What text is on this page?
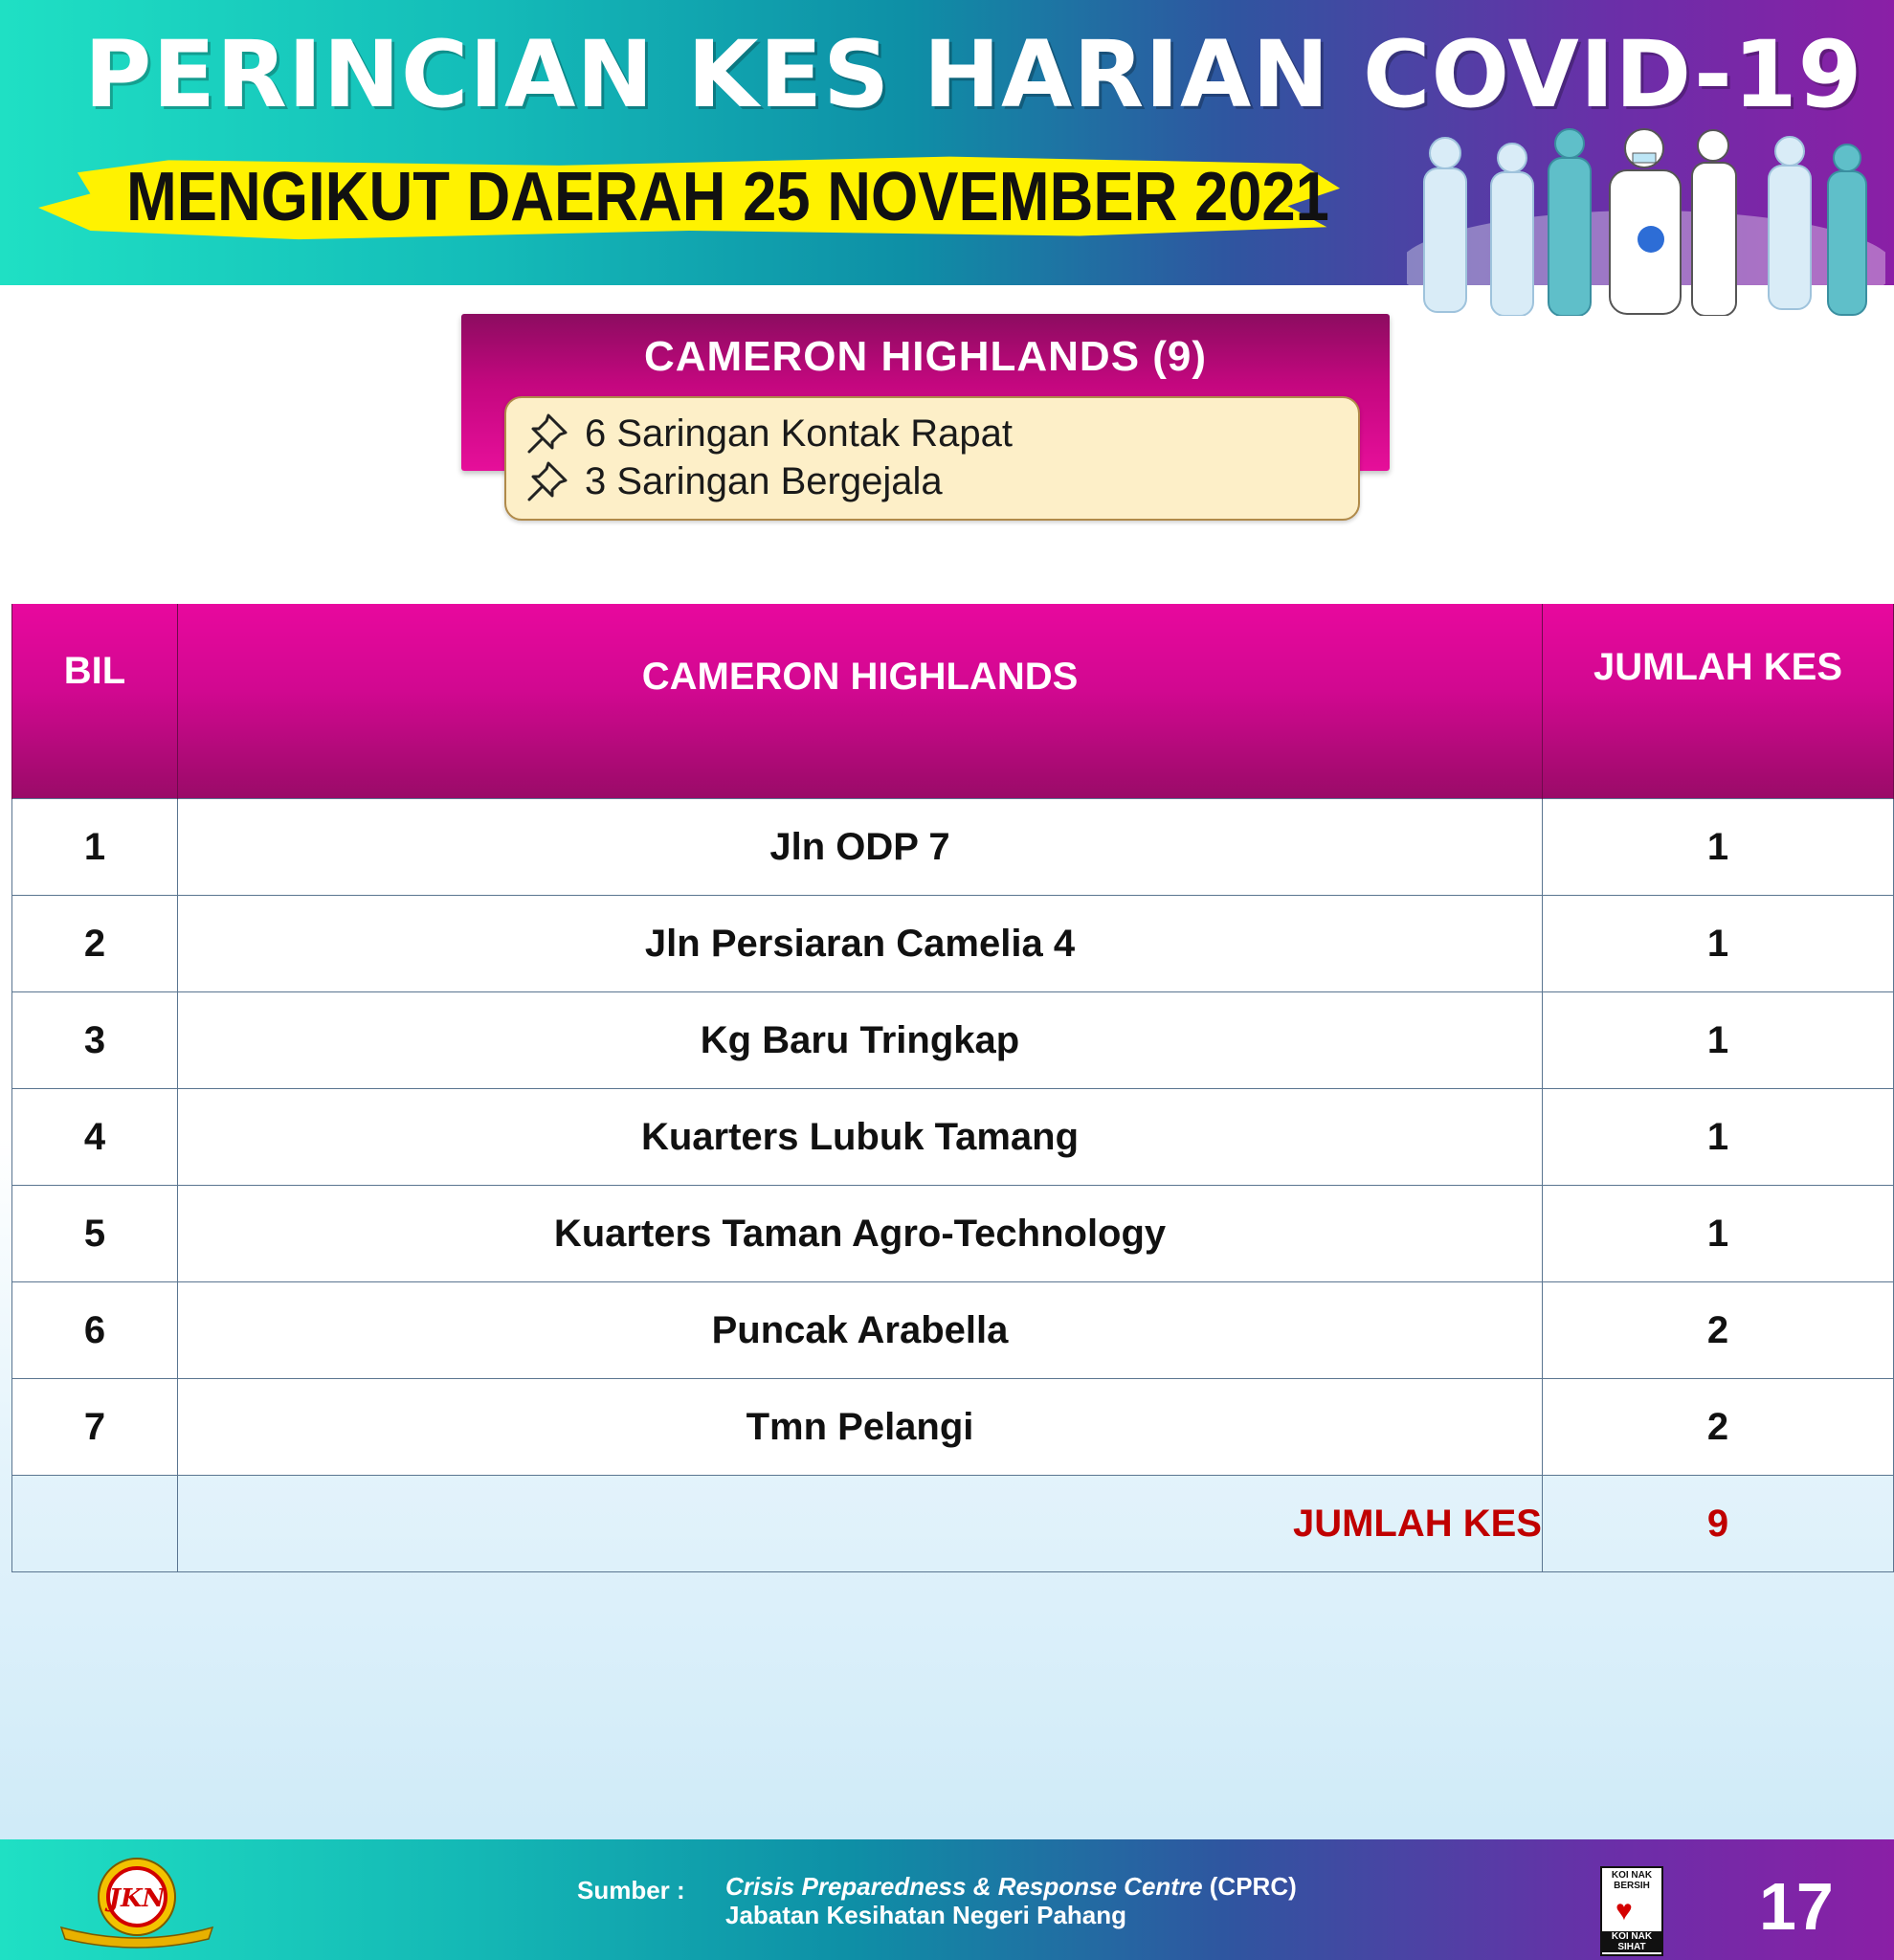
PERINCIAN KES HARIAN COVID-19
MENGIKUT DAERAH 25 NOVEMBER 2021
CAMERON HIGHLANDS (9)
6 Saringan Kontak Rapat
3 Saringan Bergejala
BIL	CAMERON HIGHLANDS	JUMLAH KES
1	Jln ODP 7	1
2	Jln Persiaran Camelia 4	1
3	Kg Baru Tringkap	1
4	Kuarters Lubuk Tamang	1
5	Kuarters Taman Agro-Technology	1
6	Puncak Arabella	2
7	Tmn Pelangi	2
	JUMLAH KES	9
JKN	Sumber : Crisis Preparedness & Response Centre (CPRC)
Jabatan Kesihatan Negeri Pahang
KOI NAK BERSIH
♥
KOI NAK SIHAT
17
